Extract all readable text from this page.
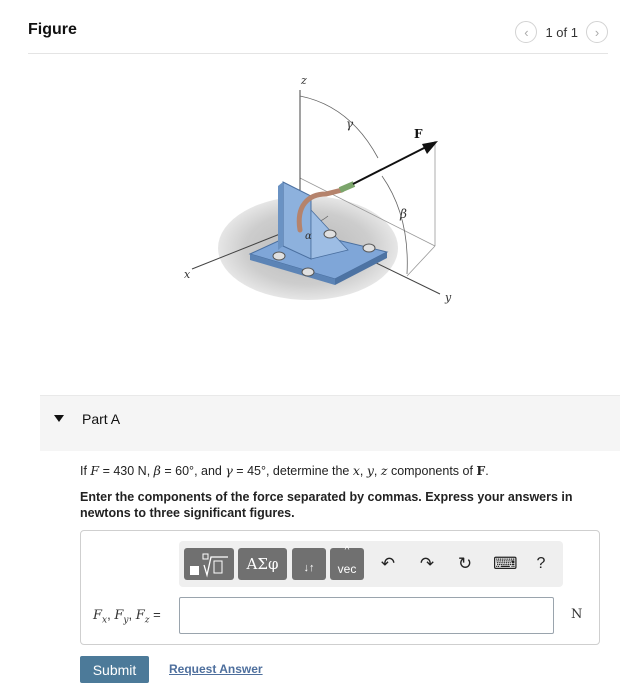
Figure	‹	1 of 1	›
z
x
y
γ
β
α
F
Part A
If F = 430 N, β = 60°, and γ = 45°, determine the x, y, z components of F.
Enter the components of the force separated by commas. Express your answers in newtons to three significant figures.
ΑΣφ	↓↑
^
vec	↶ ↷ ↻ ⌨	?
$F_x$, $F_y$, $F_z$ =	N
Submit	Request Answer
